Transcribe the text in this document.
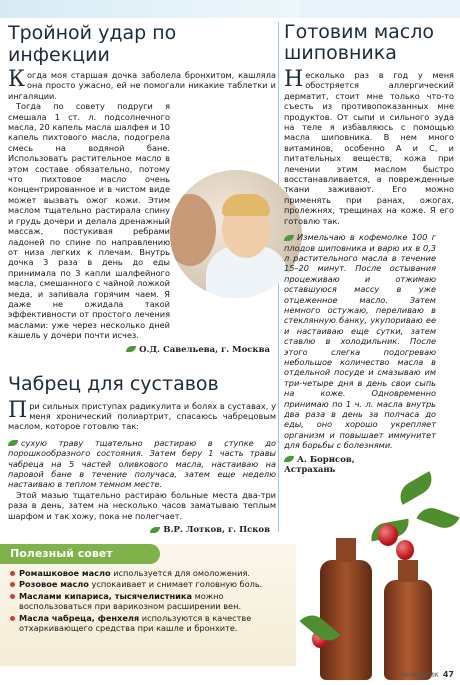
Тройной удар по инфекции

К огда моя старшая дочка заболела бронхитом, кашляла она просто ужасно, ей не помогали никакие таблетки и ингаляции.

Тогда по совету подруги я смешала 1 ст. л. подсолнечного масла, 20 капель масла шалфея и 10 капель пихтового масла, подогрела смесь на водяной бане. Использовать растительное масло в этом составе обязательно, потому что пихтовое масло очень концентрированное и в чистом виде может вызвать ожог кожи. Этим маслом тщательно растирала спину и грудь дочери и делала дренажный массаж, постукивая ребрами ладоней по спине по направлению от низа легких к плечам. Внутрь дочка 3 раза в день до еды принимала по 3 капли шалфейного масла, смешанного с чайной ложкой меда, и запивала горячим чаем. Я даже не ожидала такой эффективности от простого лечения маслами: уже через несколько дней кашель у дочери почти исчез.

О.Д. Савельева, г. Москва
Чабрец для суставов

П ри сильных приступах радикулита и болях в суставах, у меня хронический полиартрит, спасаюсь чабрецовым маслом, которое готовлю так:

сухую траву тщательно растираю в ступке до порошкообразного состояния. Затем беру 1 часть травы чабреца на 5 частей оливкового масла, настаиваю на паровой бане в течение получаса, затем еще неделю настаиваю в теплом темном месте.

Этой мазью тщательно растираю больные места два-три раза в день, затем на несколько часов заматываю теплым шарфом и так хожу, пока не полегчает.

В.Р. Лотков, г. Псков
Готовим масло шиповника

Н есколько раз в год у меня обостряется аллергический дерматит, стоит мне только что-то съесть из противопоказанных мне продуктов. От сыпи и сильного зуда на теле я избавляюсь с помощью масла шиповника. В нем много витаминов, особенно А и С, и питательных веществ, кожа при лечении этим маслом быстро восстанавливается, а поврежденные ткани заживают. Его можно применять при ранах, ожогах, пролежнях, трещинах на коже. Я его готовлю так.

Измельчаю в кофемолке 100 г плодов шиповника и варю их в 0,3 л растительного масла в течение 15–20 минут. После остывания процеживаю и отжимаю оставшуюся массу в уже отцеженное масло. Затем немного остужаю, переливаю в стеклянную банку, укупориваю ее и настаиваю еще сутки, затем ставлю в холодильник. После этого слегка подогреваю небольшое количество масла в отдельной посуде и смазываю им три-четыре дня в день свои сыпь на коже. Одновременно принимаю по 1 ч. л. масла внутрь два раза в день за полчаса до еды, оно хорошо укрепляет организм и повышает иммунитет для борьбы с болезнями.

А. Борисов, Астрахань
Полезный совет
Ромашковое масло используется для омоложения.
Розовое масло успокаивает и снимает головную боль.
Маслами кипариса, тысячелистника можно воспользоваться при варикозном расширении вен.
Масла чабреца, фенхеля используются в качестве отхаркивающего средства при кашле и бронхите.
лечебник 47
